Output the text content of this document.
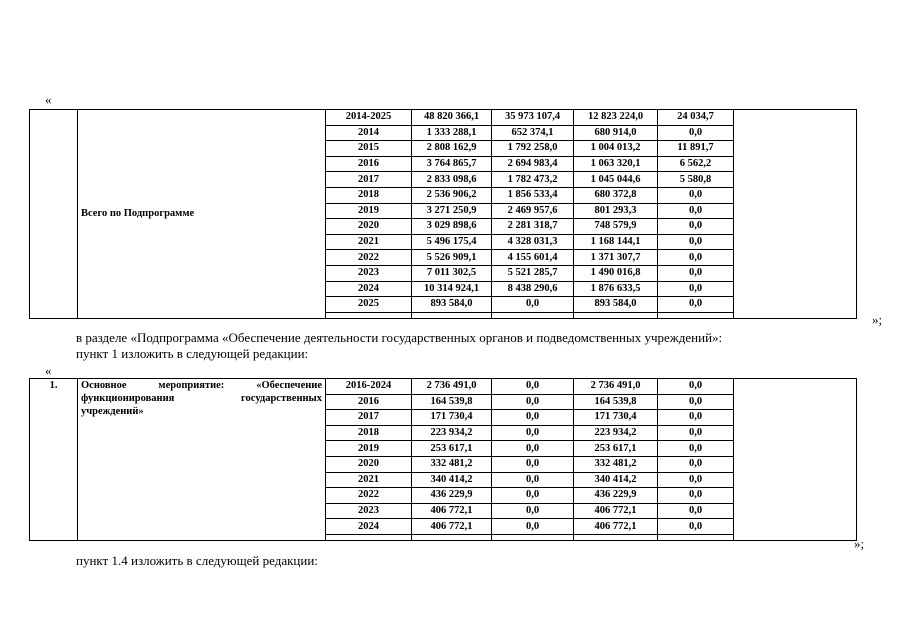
«
	Всего по Подпрограмме	2014-2025	48 820 366,1	35 973 107,4	12 823 224,0	24 034,7	
		2014	1 333 288,1	652 374,1	680 914,0	0,0	
		2015	2 808 162,9	1 792 258,0	1 004 013,2	11 891,7	
		2016	3 764 865,7	2 694 983,4	1 063 320,1	6 562,2	
		2017	2 833 098,6	1 782 473,2	1 045 044,6	5 580,8	
		2018	2 536 906,2	1 856 533,4	680 372,8	0,0	
		2019	3 271 250,9	2 469 957,6	801 293,3	0,0	
		2020	3 029 898,6	2 281 318,7	748 579,9	0,0	
		2021	5 496 175,4	4 328 031,3	1 168 144,1	0,0	
		2022	5 526 909,1	4 155 601,4	1 371 307,7	0,0	
		2023	7 011 302,5	5 521 285,7	1 490 016,8	0,0	
		2024	10 314 924,1	8 438 290,6	1 876 633,5	0,0	
		2025	893 584,0	0,0	893 584,0	0,0	

»;
в разделе «Подпрограмма «Обеспечение деятельности государственных органов и подведомственных учреждений»:
пункт 1 изложить в следующей редакции:
«
1.	Основное мероприятие: «Обеспечение функционирования государственных учреждений»	2016-2024	2 736 491,0	0,0	2 736 491,0	0,0	
		2016	164 539,8	0,0	164 539,8	0,0	
		2017	171 730,4	0,0	171 730,4	0,0	
		2018	223 934,2	0,0	223 934,2	0,0	
		2019	253 617,1	0,0	253 617,1	0,0	
		2020	332 481,2	0,0	332 481,2	0,0	
		2021	340 414,2	0,0	340 414,2	0,0	
		2022	436 229,9	0,0	436 229,9	0,0	
		2023	406 772,1	0,0	406 772,1	0,0	
		2024	406 772,1	0,0	406 772,1	0,0	

»;
пункт 1.4 изложить в следующей редакции:
